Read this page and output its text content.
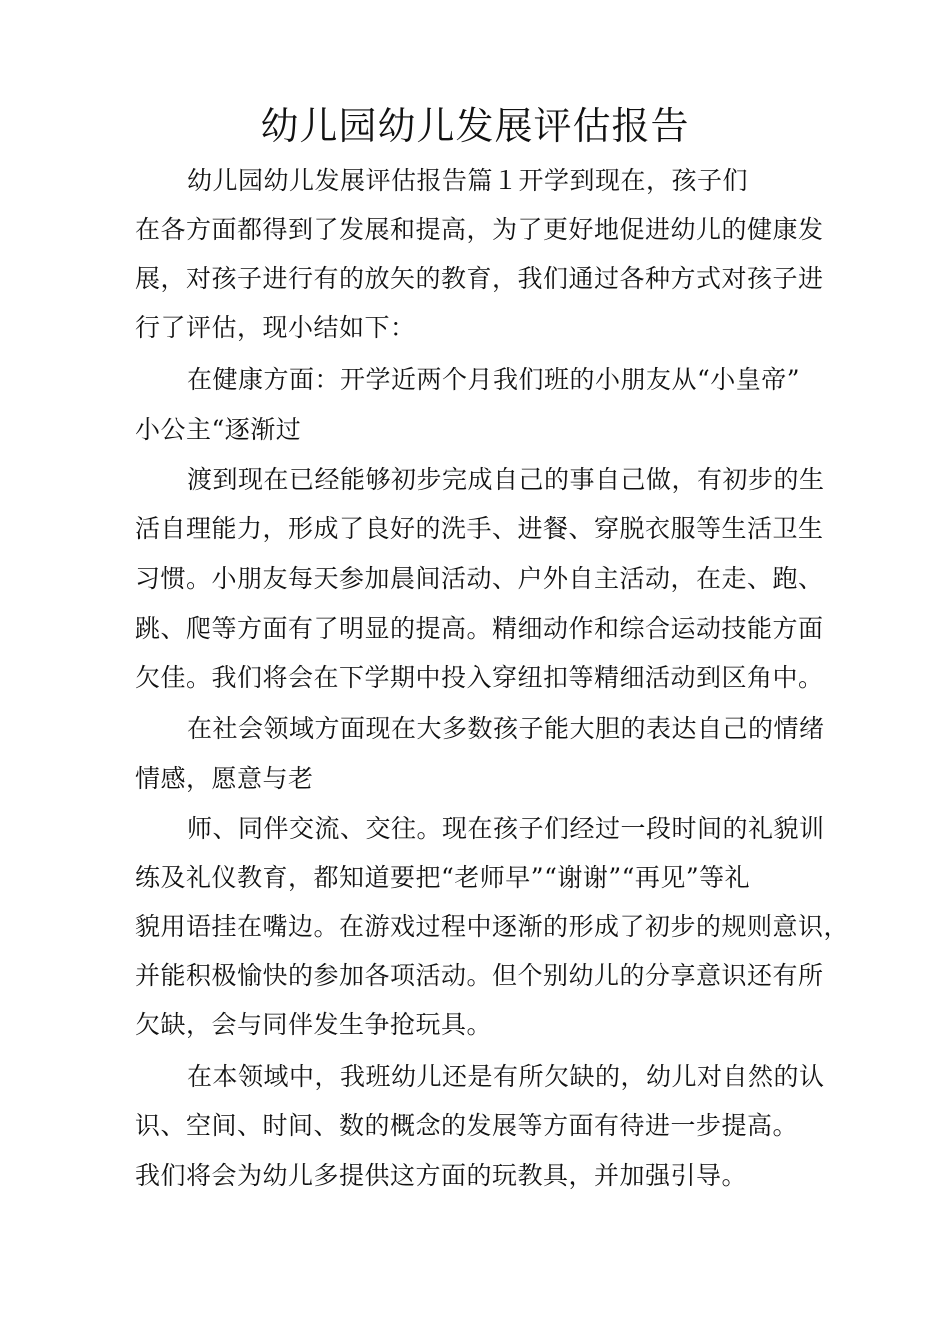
幼儿园幼儿发展评估报告
幼儿园幼儿发展评估报告篇１开学到现在，孩子们
在各方面都得到了发展和提高，为了更好地促进幼儿的健康发
展，对孩子进行有的放矢的教育，我们通过各种方式对孩子进
行了评估，现小结如下：
在健康方面：开学近两个月我们班的小朋友从“小皇帝”
小公主“逐渐过
渡到现在已经能够初步完成自己的事自己做，有初步的生
活自理能力，形成了良好的洗手、进餐、穿脱衣服等生活卫生
习惯。小朋友每天参加晨间活动、户外自主活动，在走、跑、
跳、爬等方面有了明显的提高。精细动作和综合运动技能方面
欠佳。我们将会在下学期中投入穿纽扣等精细活动到区角中。
在社会领域方面现在大多数孩子能大胆的表达自己的情绪
情感，愿意与老
师、同伴交流、交往。现在孩子们经过一段时间的礼貌训
练及礼仪教育，都知道要把“老师早”“谢谢”“再见”等礼
貌用语挂在嘴边。在游戏过程中逐渐的形成了初步的规则意识，
并能积极愉快的参加各项活动。但个别幼儿的分享意识还有所
欠缺，会与同伴发生争抢玩具。
在本领域中，我班幼儿还是有所欠缺的，幼儿对自然的认
识、空间、时间、数的概念的发展等方面有待进一步提高。
我们将会为幼儿多提供这方面的玩教具，并加强引导。
